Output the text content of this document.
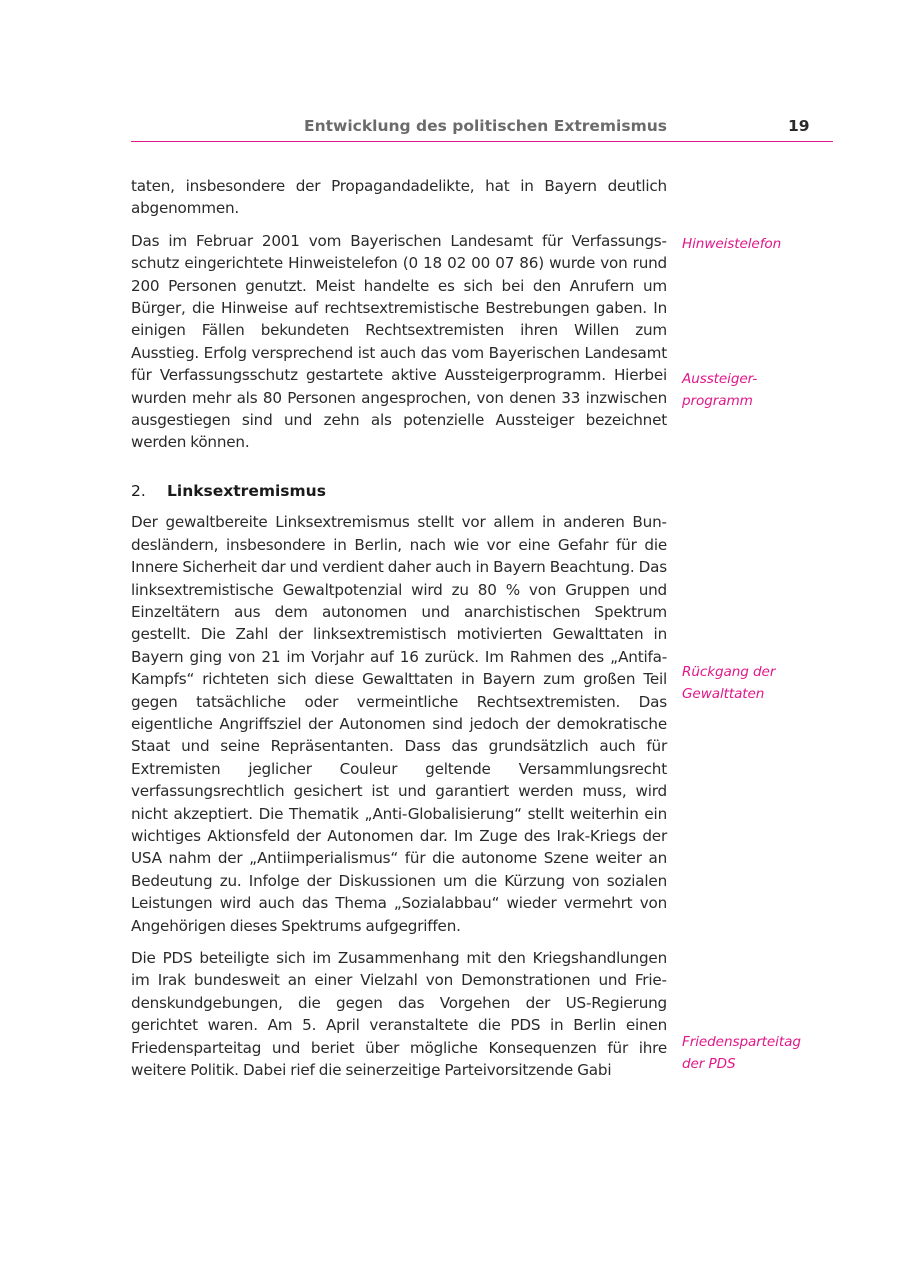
Entwicklung des politischen Extremismus	19

taten, insbesondere der Propagandadelikte, hat in Bayern deutlich abgenommen.

Das im Februar 2001 vom Bayerischen Landesamt für Verfassungsschutz eingerichtete Hinweistelefon (0 18 02 00 07 86) wurde von rund 200 Personen genutzt. Meist handelte es sich bei den Anrufern um Bürger, die Hinweise auf rechtsextremistische Bestrebungen gaben. In einigen Fällen bekundeten Rechtsextremisten ihren Willen zum Ausstieg. Erfolg versprechend ist auch das vom Bayerischen Landesamt für Verfassungsschutz gestartete aktive Aussteigerprogramm. Hierbei wurden mehr als 80 Personen angesprochen, von denen 33 inzwischen ausgestiegen sind und zehn als potenzielle Aussteiger bezeichnet werden können.

2. Linksextremismus

Der gewaltbereite Linksextremismus stellt vor allem in anderen Bundesländern, insbesondere in Berlin, nach wie vor eine Gefahr für die Innere Sicherheit dar und verdient daher auch in Bayern Beachtung. Das linksextremistische Gewaltpotenzial wird zu 80 % von Gruppen und Einzeltätern aus dem autonomen und anarchistischen Spektrum gestellt. Die Zahl der linksextremistisch motivierten Gewalttaten in Bayern ging von 21 im Vorjahr auf 16 zurück. Im Rahmen des „Antifa-Kampfs“ richteten sich diese Gewalttaten in Bayern zum großen Teil gegen tatsächliche oder vermeintliche Rechtsextremisten. Das eigentliche Angriffsziel der Autonomen sind jedoch der demokratische Staat und seine Repräsentanten. Dass das grundsätzlich auch für Extremisten jeglicher Couleur geltende Versammlungsrecht verfassungsrechtlich gesichert ist und garantiert werden muss, wird nicht akzeptiert. Die Thematik „Anti-Globalisierung“ stellt weiterhin ein wichtiges Aktionsfeld der Autonomen dar. Im Zuge des Irak-Kriegs der USA nahm der „Antiimperialismus“ für die autonome Szene weiter an Bedeutung zu. Infolge der Diskussionen um die Kürzung von sozialen Leistungen wird auch das Thema „Sozialabbau“ wieder vermehrt von Angehörigen dieses Spektrums aufgegriffen.

Die PDS beteiligte sich im Zusammenhang mit den Kriegshandlungen im Irak bundesweit an einer Vielzahl von Demonstrationen und Friedenskundgebungen, die gegen das Vorgehen der US-Regierung gerichtet waren. Am 5. April veranstaltete die PDS in Berlin einen Friedensparteitag und beriet über mögliche Konsequenzen für ihre weitere Politik. Dabei rief die seinerzeitige Parteivorsitzende Gabi

Hinweistelefon
Aussteiger-
programm
Rückgang der
Gewalttaten
Friedensparteitag
der PDS
